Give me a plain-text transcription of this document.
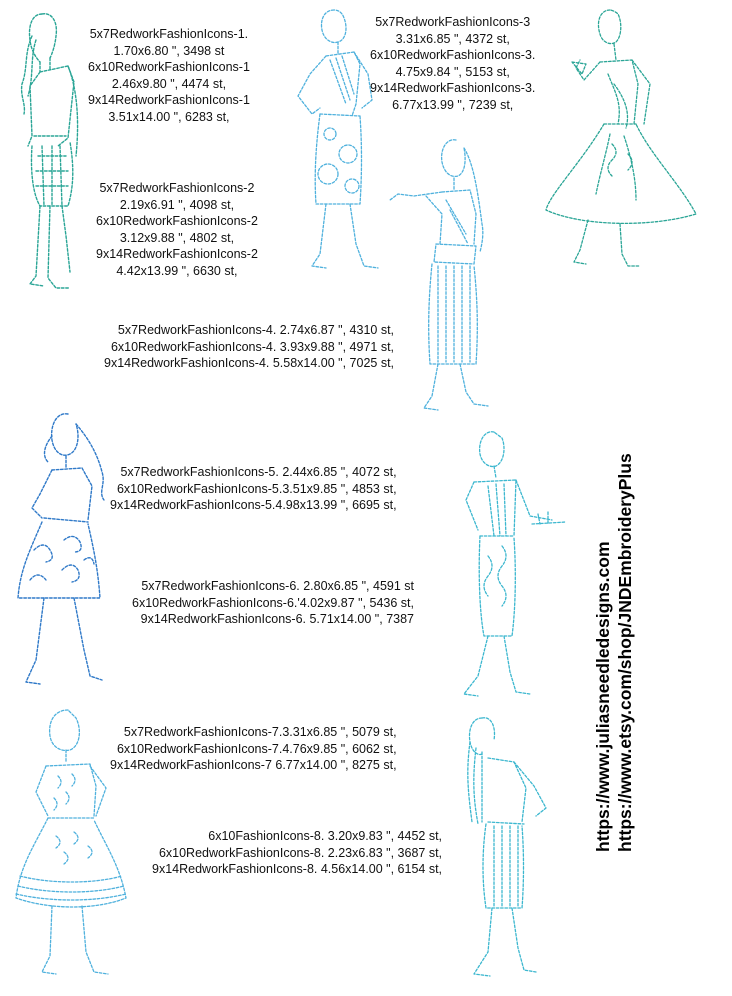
5x7RedworkFashionIcons-1.
1.70x6.80 ", 3498 st
6x10RedworkFashionIcons-1
2.46x9.80 ", 4474 st,
9x14RedworkFashionIcons-1
3.51x14.00 ", 6283 st,
5x7RedworkFashionIcons-2
2.19x6.91 ", 4098 st,
6x10RedworkFashionIcons-2
3.12x9.88 ", 4802 st,
9x14RedworkFashionIcons-2
4.42x13.99 ", 6630 st,
5x7RedworkFashionIcons-3
3.31x6.85 ", 4372 st,
6x10RedworkFashionIcons-3.
4.75x9.84 ", 5153 st,
9x14RedworkFashionIcons-3.
6.77x13.99 ", 7239 st,
5x7RedworkFashionIcons-4. 2.74x6.87 ", 4310 st,
6x10RedworkFashionIcons-4. 3.93x9.88 ", 4971 st,
9x14RedworkFashionIcons-4. 5.58x14.00 ", 7025 st,
5x7RedworkFashionIcons-5. 2.44x6.85 ", 4072 st,
6x10RedworkFashionIcons-5.3.51x9.85 ", 4853 st,
9x14RedworkFashionIcons-5.4.98x13.99 ", 6695 st,
5x7RedworkFashionIcons-6. 2.80x6.85 ", 4591 st
6x10RedworkFashionIcons-6.'4.02x9.87 ", 5436 st,
9x14RedworkFashionIcons-6. 5.71x14.00 ", 7387
5x7RedworkFashionIcons-7.3.31x6.85 ", 5079 st,
6x10RedworkFashionIcons-7.4.76x9.85 ", 6062 st,
9x14RedworkFashionIcons-7 6.77x14.00 ", 8275 st,
6x10FashionIcons-8. 3.20x9.83 ", 4452 st,
6x10RedworkFashionIcons-8. 2.23x6.83 ", 3687 st,
9x14RedworkFashionIcons-8. 4.56x14.00 ", 6154 st,
https://www.juliasneedledesigns.com https://www.etsy.com/shop/JNDEmbroideryPlus
